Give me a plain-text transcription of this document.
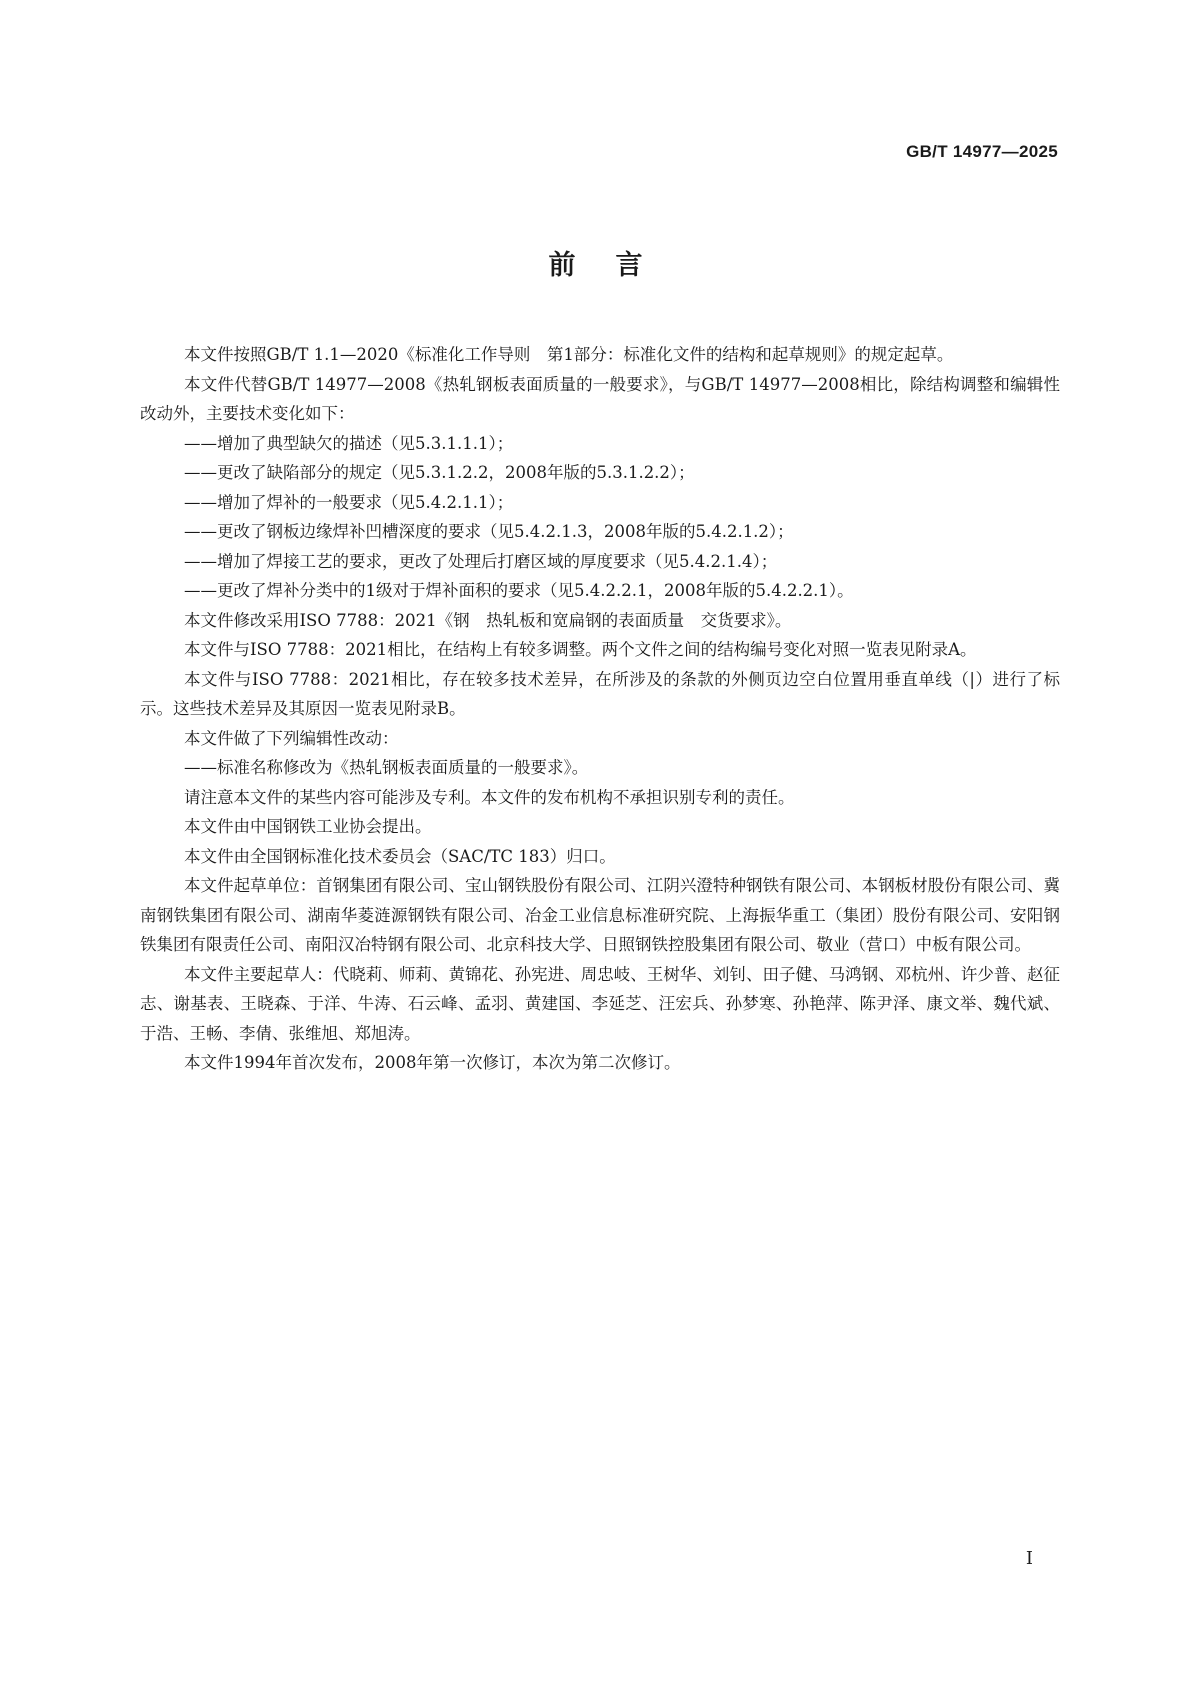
GB/T 14977—2025
前言

本文件按照GB/T 1.1—2020《标准化工作导则　第1部分：标准化文件的结构和起草规则》的规定起草。

本文件代替GB/T 14977—2008《热轧钢板表面质量的一般要求》，与GB/T 14977—2008相比，除结构调整和编辑性改动外，主要技术变化如下：

——增加了典型缺欠的描述（见5.3.1.1.1）；

——更改了缺陷部分的规定（见5.3.1.2.2，2008年版的5.3.1.2.2）；

——增加了焊补的一般要求（见5.4.2.1.1）；

——更改了钢板边缘焊补凹槽深度的要求（见5.4.2.1.3，2008年版的5.4.2.1.2）；

——增加了焊接工艺的要求，更改了处理后打磨区域的厚度要求（见5.4.2.1.4）；

——更改了焊补分类中的1级对于焊补面积的要求（见5.4.2.2.1，2008年版的5.4.2.2.1）。

本文件修改采用ISO 7788：2021《钢　热轧板和宽扁钢的表面质量　交货要求》。

本文件与ISO 7788：2021相比，在结构上有较多调整。两个文件之间的结构编号变化对照一览表见附录A。

本文件与ISO 7788：2021相比，存在较多技术差异，在所涉及的条款的外侧页边空白位置用垂直单线（|）进行了标示。这些技术差异及其原因一览表见附录B。

本文件做了下列编辑性改动：

——标准名称修改为《热轧钢板表面质量的一般要求》。

请注意本文件的某些内容可能涉及专利。本文件的发布机构不承担识别专利的责任。

本文件由中国钢铁工业协会提出。

本文件由全国钢标准化技术委员会（SAC/TC 183）归口。

本文件起草单位：首钢集团有限公司、宝山钢铁股份有限公司、江阴兴澄特种钢铁有限公司、本钢板材股份有限公司、冀南钢铁集团有限公司、湖南华菱涟源钢铁有限公司、冶金工业信息标准研究院、上海振华重工（集团）股份有限公司、安阳钢铁集团有限责任公司、南阳汉冶特钢有限公司、北京科技大学、日照钢铁控股集团有限公司、敬业（营口）中板有限公司。

本文件主要起草人：代晓莉、师莉、黄锦花、孙宪进、周忠岐、王树华、刘钊、田子健、马鸿钢、邓杭州、许少普、赵征志、谢基表、王晓森、于洋、牛涛、石云峰、孟羽、黄建国、李延芝、汪宏兵、孙梦寒、孙艳萍、陈尹泽、康文举、魏代斌、于浩、王畅、李倩、张维旭、郑旭涛。

本文件1994年首次发布，2008年第一次修订，本次为第二次修订。

I
